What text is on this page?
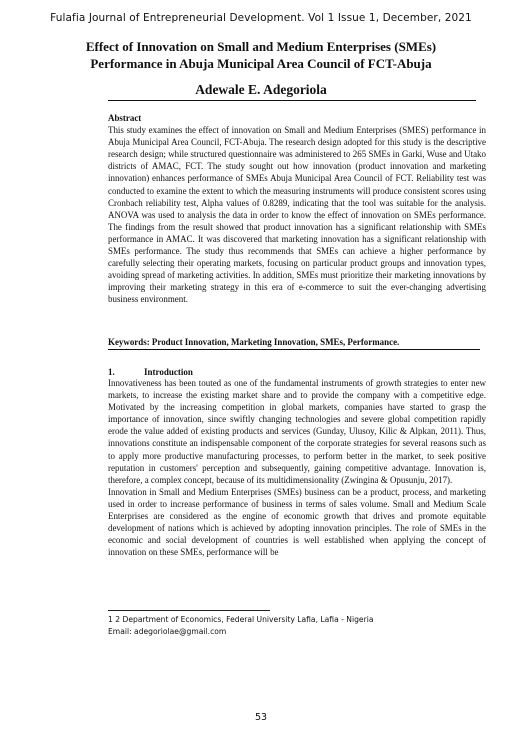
Fulafia Journal of Entrepreneurial Development. Vol 1 Issue 1, December, 2021
Effect of Innovation on Small and Medium Enterprises (SMEs)
Performance in Abuja Municipal Area Council of FCT-Abuja
Adewale E. Adegoriola

Abstract

This study examines the effect of innovation on Small and Medium Enterprises (SMES) performance in Abuja Municipal Area Council, FCT-Abuja. The research design adopted for this study is the descriptive research design; while structured questionnaire was administered to 265 SMEs in Garki, Wuse and Utako districts of AMAC, FCT. The study sought out how innovation (product innovation and marketing innovation) enhances performance of SMEs Abuja Municipal Area Council of FCT. Reliability test was conducted to examine the extent to which the measuring instruments will produce consistent scores using Cronbach reliability test, Alpha values of 0.8289, indicating that the tool was suitable for the analysis. ANOVA was used to analysis the data in order to know the effect of innovation on SMEs performance. The findings from the result showed that product innovation has a significant relationship with SMEs performance in AMAC. It was discovered that marketing innovation has a significant relationship with SMEs performance. The study thus recommends that SMEs can achieve a higher performance by carefully selecting their operating markets, focusing on particular product groups and innovation types, avoiding spread of marketing activities. In addition, SMEs must prioritize their marketing innovations by improving their marketing strategy in this era of e-commerce to suit the ever-changing advertising business environment.

Keywords: Product Innovation, Marketing Innovation, SMEs, Performance.

1.	Introduction

Innovativeness has been touted as one of the fundamental instruments of growth strategies to enter new markets, to increase the existing market share and to provide the company with a competitive edge. Motivated by the increasing competition in global markets, companies have started to grasp the importance of innovation, since swiftly changing technologies and severe global competition rapidly erode the value added of existing products and services (Gunday, Ulusoy, Kilic & Alpkan, 2011). Thus, innovations constitute an indispensable component of the corporate strategies for several reasons such as to apply more productive manufacturing processes, to perform better in the market, to seek positive reputation in customers' perception and subsequently, gaining competitive advantage. Innovation is, therefore, a complex concept, because of its multidimensionality (Zwingina & Opusunju, 2017).

Innovation in Small and Medium Enterprises (SMEs) business can be a product, process, and marketing used in order to increase performance of business in terms of sales volume. Small and Medium Scale Enterprises are considered as the engine of economic growth that drives and promote equitable development of nations which is achieved by adopting innovation principles. The role of SMEs in the economic and social development of countries is well established when applying the concept of innovation on these SMEs, performance will be

1 2 Department of Economics, Federal University Lafia, Lafia - Nigeria
Email: adegoriolae@gmail.com
53
